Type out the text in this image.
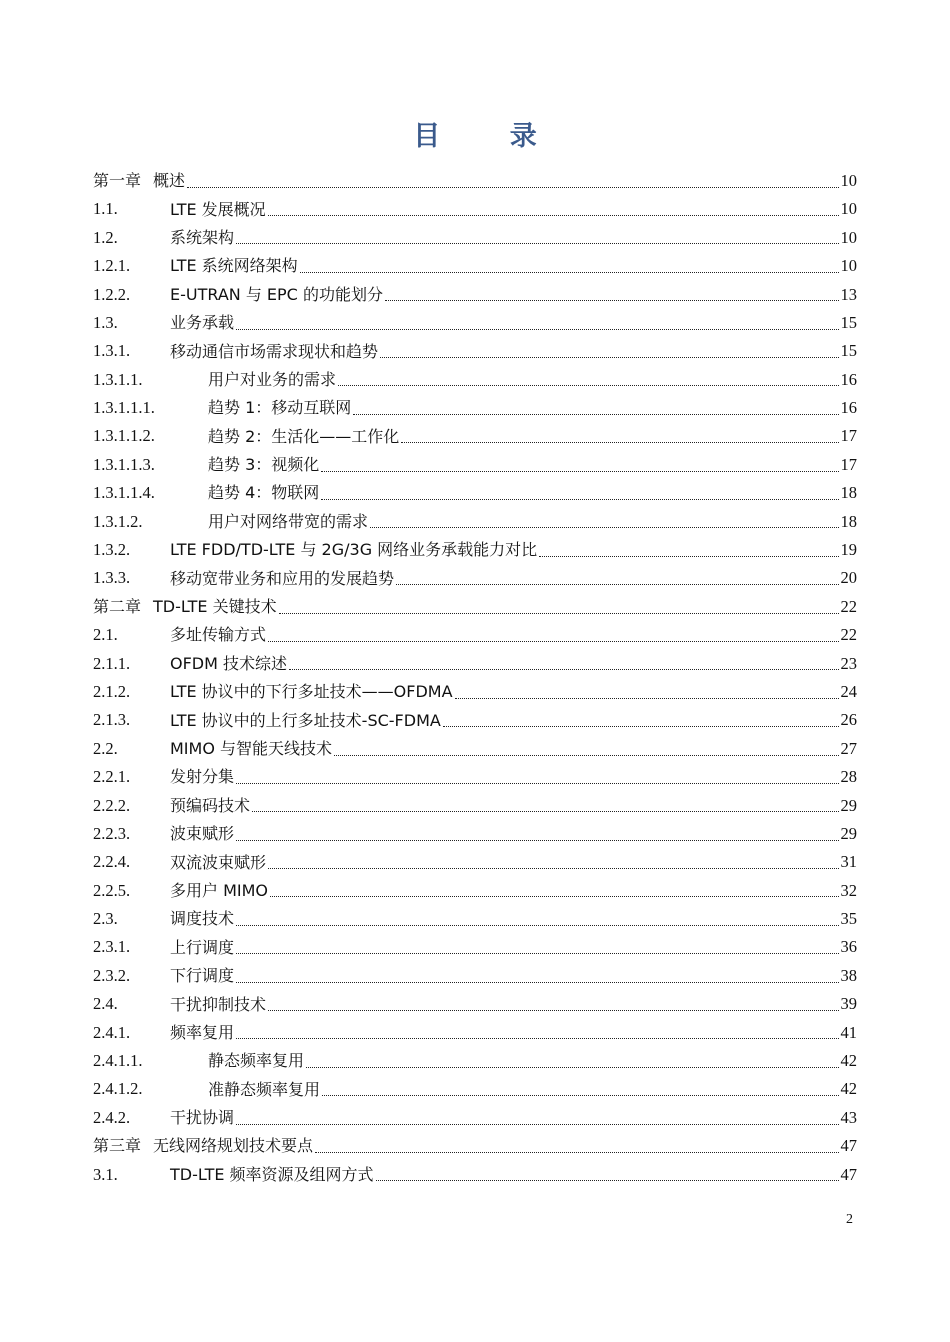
目 录
第一章 概述	10
1.1.	LTE 发展概况	10
1.2.	系统架构	10
1.2.1.	LTE 系统网络架构	10
1.2.2.	E-UTRAN 与 EPC 的功能划分	13
1.3.	业务承载	15
1.3.1.	移动通信市场需求现状和趋势	15
1.3.1.1.	用户对业务的需求	16
1.3.1.1.1.	趋势 1：移动互联网	16
1.3.1.1.2.	趋势 2：生活化——工作化	17
1.3.1.1.3.	趋势 3：视频化	17
1.3.1.1.4.	趋势 4：物联网	18
1.3.1.2.	用户对网络带宽的需求	18
1.3.2.	LTE FDD/TD-LTE 与 2G/3G 网络业务承载能力对比	19
1.3.3.	移动宽带业务和应用的发展趋势	20
第二章 TD-LTE 关键技术	22
2.1.	多址传输方式	22
2.1.1.	OFDM 技术综述	23
2.1.2.	LTE 协议中的下行多址技术——OFDMA	24
2.1.3.	LTE 协议中的上行多址技术-SC-FDMA	26
2.2.	MIMO 与智能天线技术	27
2.2.1.	发射分集	28
2.2.2.	预编码技术	29
2.2.3.	波束赋形	29
2.2.4.	双流波束赋形	31
2.2.5.	多用户 MIMO	32
2.3.	调度技术	35
2.3.1.	上行调度	36
2.3.2.	下行调度	38
2.4.	干扰抑制技术	39
2.4.1.	频率复用	41
2.4.1.1.	静态频率复用	42
2.4.1.2.	准静态频率复用	42
2.4.2.	干扰协调	43
第三章 无线网络规划技术要点	47
3.1.	TD-LTE 频率资源及组网方式	47
2
